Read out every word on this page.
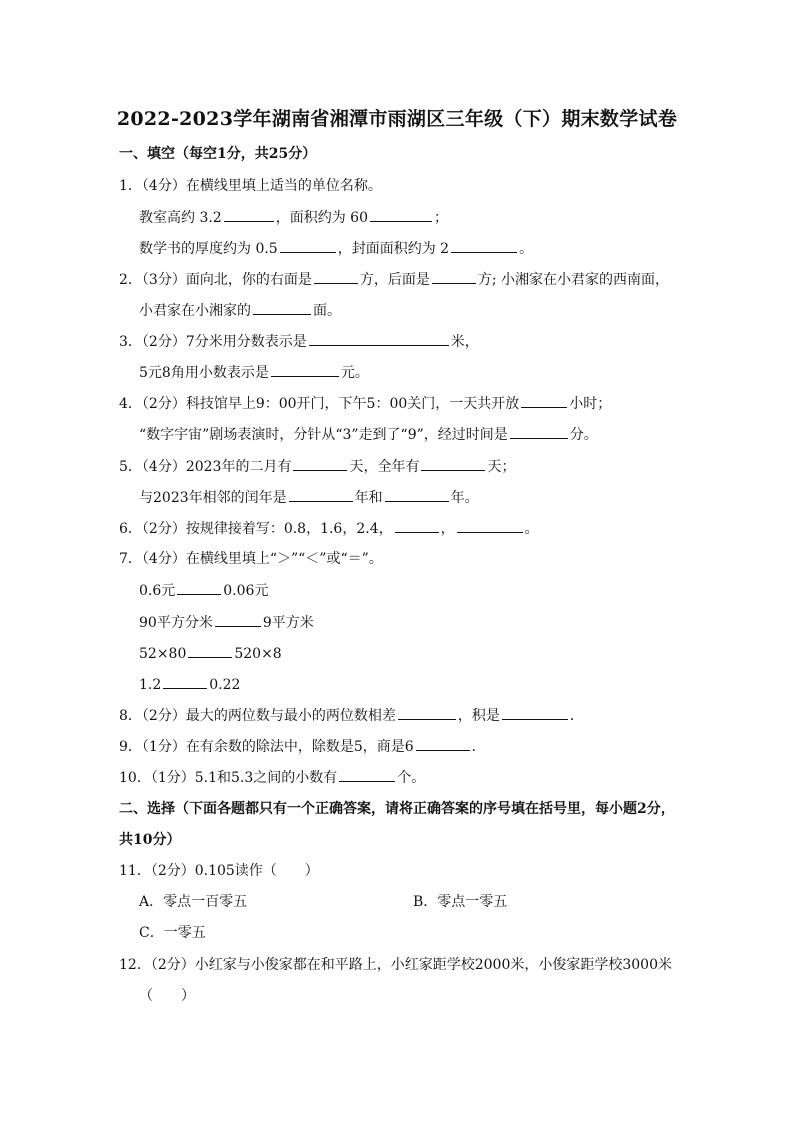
2022-2023学年湖南省湘潭市雨湖区三年级（下）期末数学试卷
一、填空（每空1分，共25分）
1．（4分）在横线里填上适当的单位名称。
教室高约 3.2	，面积约为 60	；
数学书的厚度约为 0.5	，封面面积约为 2	。
2．（3分）面向北，你的右面是	方，后面是	方; 小湘家在小君家的西南面，
小君家在小湘家的	面。
3．（2分）7分米用分数表示是	米，
5元8角用小数表示是	元。
4．（2分）科技馆早上9：00开门，下午5：00关门，一天共开放	小时；
“数字宇宙”剧场表演时，分针从“3”走到了“9”，经过时间是	分。
5．（4分）2023年的二月有	天，全年有	天；
与2023年相邻的闰年是	年和	年。
6．（2分）按规律接着写：0.8，1.6，2.4，	，	。
7．（4分）在横线里填上“＞”“＜”或“＝”。
0.6元	0.06元
90平方分米	9平方米
52×80	520×8
1.2	0.22
8．（2分）最大的两位数与最小的两位数相差	，积是	．
9．（1分）在有余数的除法中，除数是5，商是6	．
10．（1分）5.1和5.3之间的小数有	个。
二、选择（下面各题都只有一个正确答案，请将正确答案的序号填在括号里，每小题2分，
共10分）
11．（2分）0.105读作（　　）
A．零点一百零五	B．零点一零五
C．一零五
12．（2分）小红家与小俊家都在和平路上，小红家距学校2000米，小俊家距学校3000米
（　　）
